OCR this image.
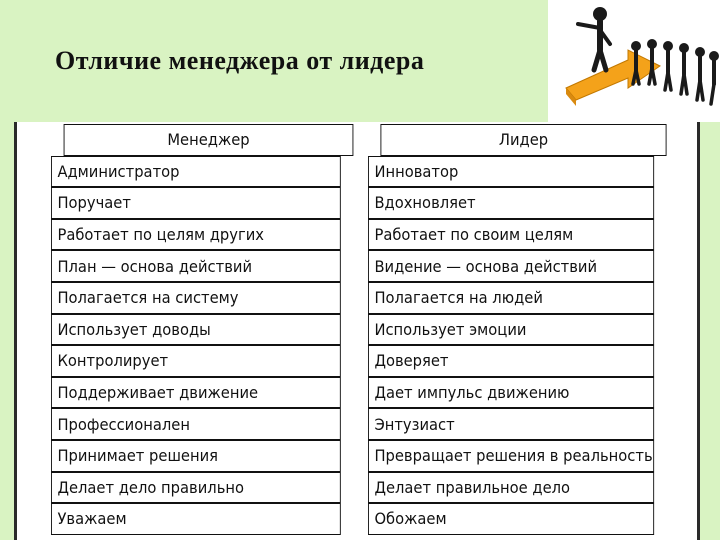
Отличие менеджера от лидера
Менеджер	Лидер
Администратор	Инноватор
Поручает	Вдохновляет
Работает по целям других	Работает по своим целям
План — основа действий	Видение — основа действий
Полагается на систему	Полагается на людей
Использует доводы	Использует эмоции
Контролирует	Доверяет
Поддерживает движение	Дает импульс движению
Профессионален	Энтузиаст
Принимает решения	Превращает решения в реальность
Делает дело правильно	Делает правильное дело
Уважаем	Обожаем
